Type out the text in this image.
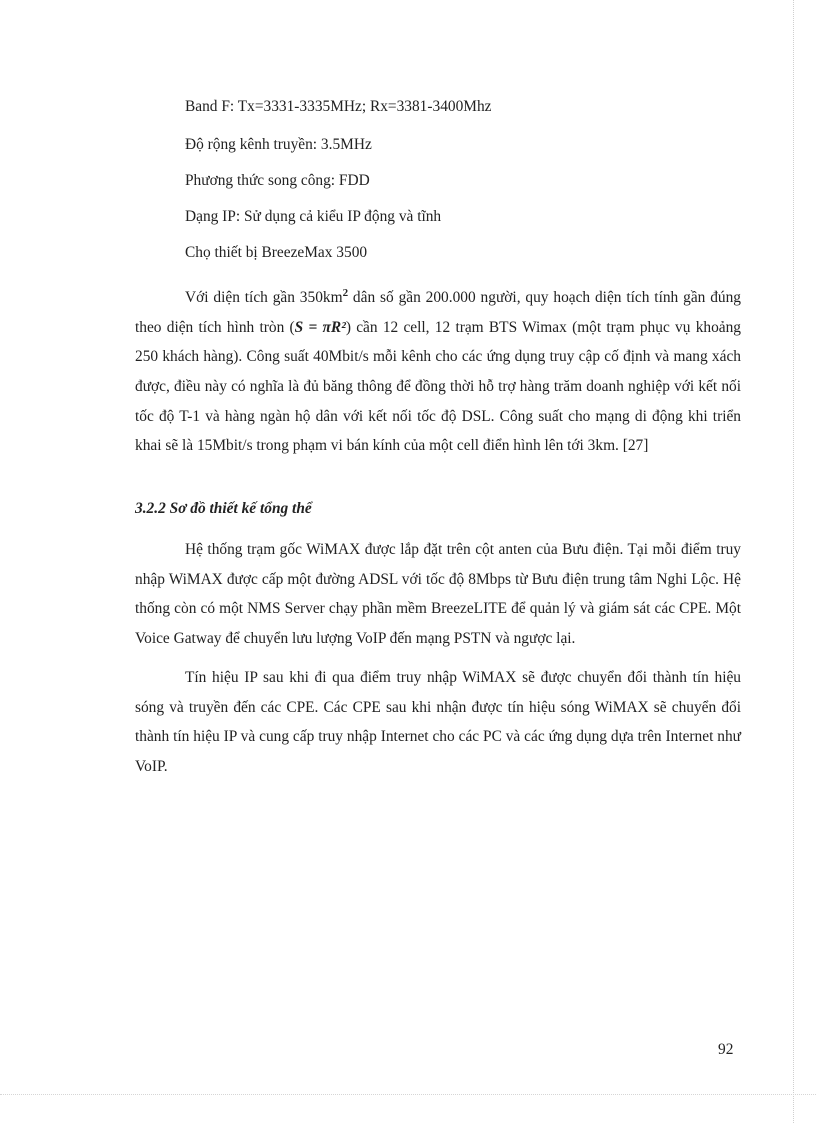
Band F: Tx=3331-3335MHz; Rx=3381-3400Mhz
Độ rộng kênh truyền: 3.5MHz
Phương thức song công: FDD
Dạng IP: Sử dụng cả kiểu IP động và tĩnh
Chọ thiết bị BreezeMax 3500

Với diện tích gần $350km^2$ dân số gần 200.000 người, quy hoạch diện tích tính gần đúng theo diện tích hình tròn (S = πR²) cần 12 cell, 12 trạm BTS Wimax (một trạm phục vụ khoảng 250 khách hàng). Công suất 40Mbit/s mỗi kênh cho các ứng dụng truy cập cố định và mang xách được, điều này có nghĩa là đủ băng thông để đồng thời hỗ trợ hàng trăm doanh nghiệp với kết nối tốc độ T-1 và hàng ngàn hộ dân với kết nối tốc độ DSL. Công suất cho mạng di động khi triển khai sẽ là 15Mbit/s trong phạm vi bán kính của một cell điển hình lên tới 3km. [27]

3.2.2 Sơ đồ thiết kế tổng thể

Hệ thống trạm gốc WiMAX được lắp đặt trên cột anten của Bưu điện. Tại mỗi điểm truy nhập WiMAX được cấp một đường ADSL với tốc độ 8Mbps từ Bưu điện trung tâm Nghi Lộc. Hệ thống còn có một NMS Server chạy phần mềm BreezeLITE để quản lý và giám sát các CPE. Một Voice Gatway để chuyển lưu lượng VoIP đến mạng PSTN và ngược lại.

Tín hiệu IP sau khi đi qua điểm truy nhập WiMAX sẽ được chuyển đổi thành tín hiệu sóng và truyền đến các CPE. Các CPE sau khi nhận được tín hiệu sóng WiMAX sẽ chuyển đổi thành tín hiệu IP và cung cấp truy nhập Internet cho các PC và các ứng dụng dựa trên Internet như VoIP.

92
